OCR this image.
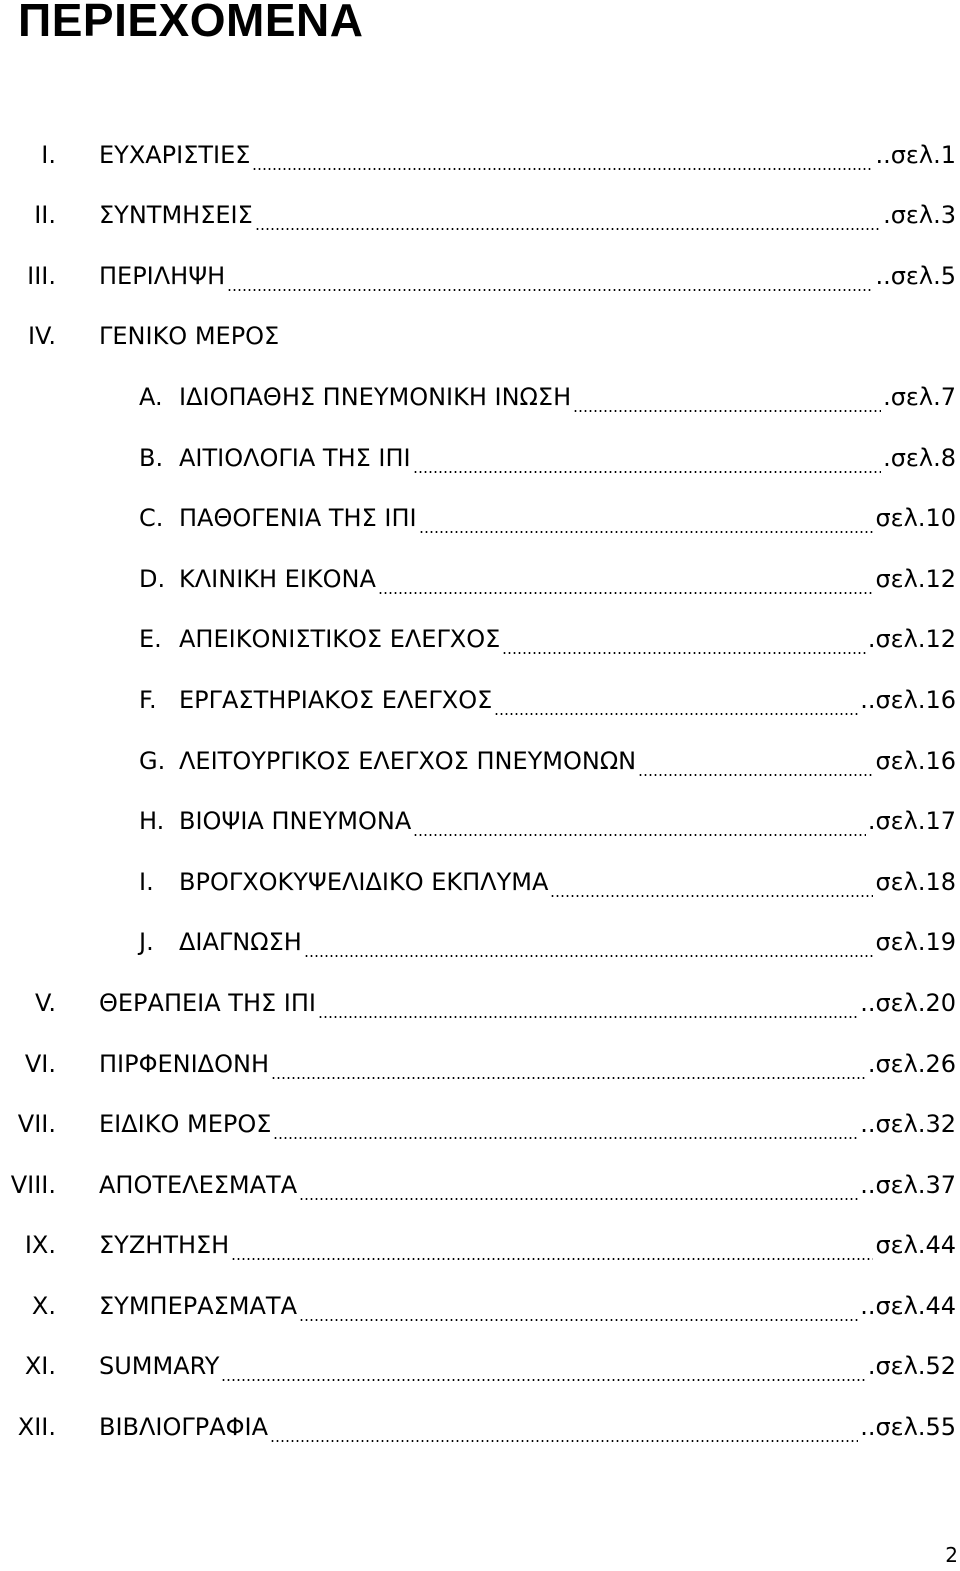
ΠΕΡΙΕΧΟΜΕΝΑ
I. ΕΥΧΑΡΙΣΤΙΕΣ	..σελ.1
II. ΣΥΝΤΜΗΣΕΙΣ	.σελ.3
III. ΠΕΡΙΛΗΨΗ	..σελ.5
IV. ΓΕΝΙΚΟ ΜΕΡΟΣ
A. ΙΔΙΟΠΑΘΗΣ ΠΝΕΥΜΟΝΙΚΗ ΙΝΩΣΗ	.σελ.7
B. ΑΙΤΙΟΛΟΓΙΑ ΤΗΣ ΙΠΙ	.σελ.8
C. ΠΑΘΟΓΕΝΙΑ ΤΗΣ ΙΠΙ	σελ.10
D. ΚΛΙΝΙΚΗ ΕΙΚΟΝΑ	σελ.12
E. ΑΠΕΙΚΟΝΙΣΤΙΚΟΣ ΕΛΕΓΧΟΣ	.σελ.12
F. ΕΡΓΑΣΤΗΡΙΑΚΟΣ ΕΛΕΓΧΟΣ	..σελ.16
G. ΛΕΙΤΟΥΡΓΙΚΟΣ ΕΛΕΓΧΟΣ ΠΝΕΥΜΟΝΩΝ	σελ.16
H. ΒΙΟΨΙΑ ΠΝΕΥΜΟΝΑ	.σελ.17
I.	ΒΡΟΓΧΟΚΥΨΕΛΙΔΙΚΟ ΕΚΠΛΥΜΑ	σελ.18
J.	ΔΙΑΓΝΩΣΗ	σελ.19
V. ΘΕΡΑΠΕΙΑ ΤΗΣ ΙΠΙ	..σελ.20
VI. ΠΙΡΦΕΝΙΔΟΝΗ	.σελ.26
VII. ΕΙΔΙΚΟ ΜΕΡΟΣ	..σελ.32
VIII. ΑΠΟΤΕΛΕΣΜΑΤΑ	..σελ.37
IX. ΣΥΖΗΤΗΣΗ	σελ.44
X. ΣΥΜΠΕΡΑΣΜΑΤΑ	..σελ.44
XI. SUMMARY	.σελ.52
XII. ΒΙΒΛΙΟΓΡΑΦΙΑ	..σελ.55
2
